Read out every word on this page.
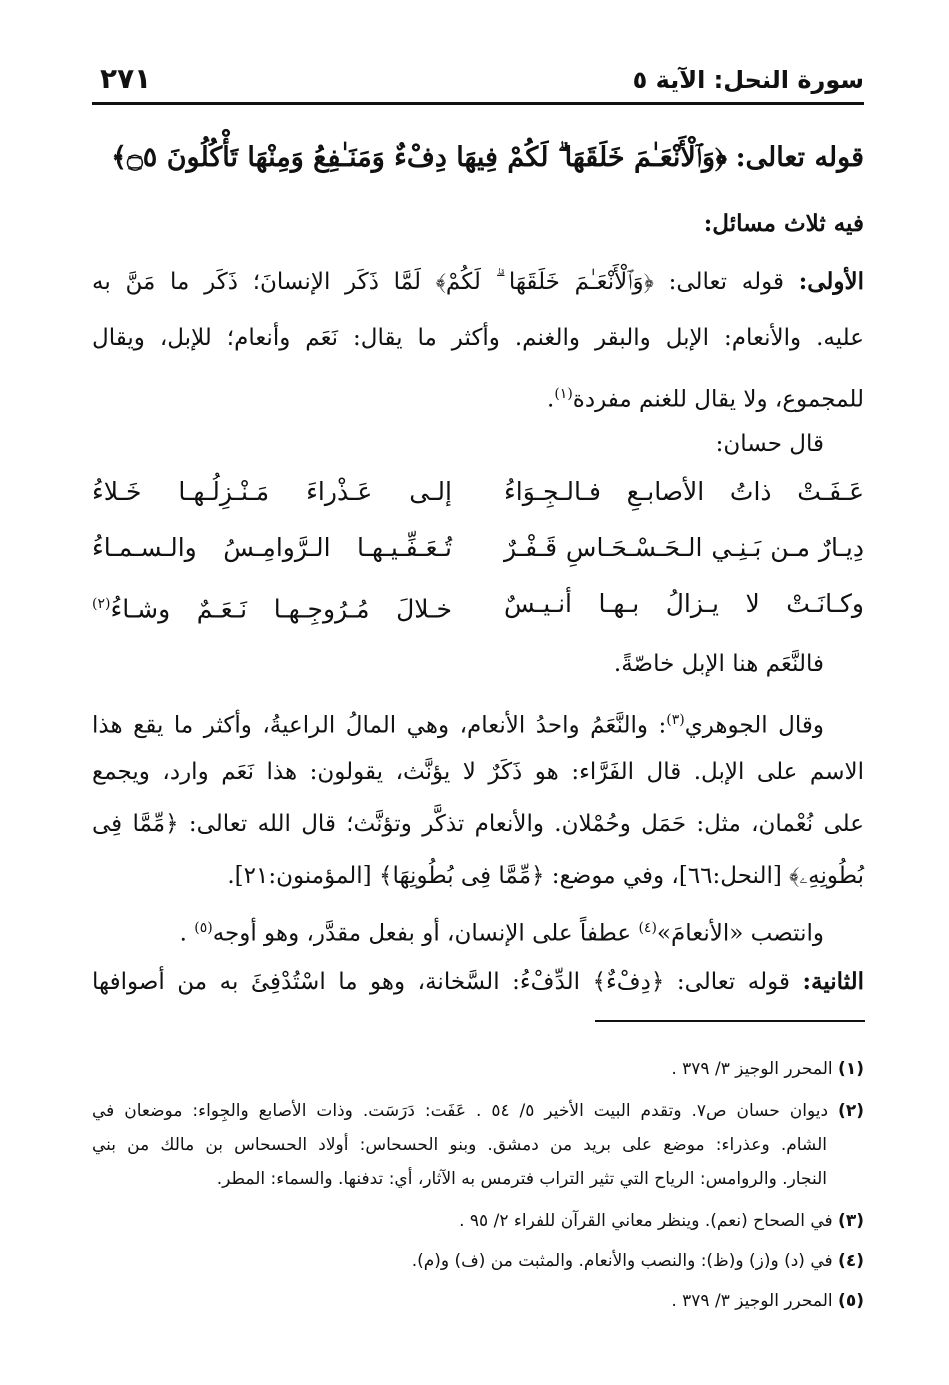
سورة النحل: الآية ٥
٢٧١
قوله تعالى: ﴿وَٱلْأَنْعَـٰمَ خَلَقَهَا ۗ لَكُمْ فِيهَا دِفْءٌ وَمَنَـٰفِعُ وَمِنْهَا تَأْكُلُونَ ۝٥﴾
فيه ثلاث مسائل:
الأولى: قوله تعالى: ﴿وَٱلْأَنْعَـٰمَ خَلَقَهَا ۗ لَكُمْ﴾ لَمَّا ذَكَر الإنسانَ؛ ذَكَر ما مَنَّ به
عليه. والأنعام: الإبل والبقر والغنم. وأكثر ما يقال: نَعَم وأنعام؛ للإبل، ويقال
للمجموع، ولا يقال للغنم مفردة$^{(١)}$.
قال حسان:
عَـفَـتْ ذاتُ الأصابـعِ فـالـجِـوَاءُ
إلـى عَـذْراءَ مَـنْـزِلُـهـا خَـلاءُ
دِيـارٌ مـن بَـنِـي الـحَـسْـحَـاسِ قَـفْـرٌ
تُـعَـفِّـيـهـا الـرَّوامِـسُ والـسـمـاءُ
وكـانَـتْ لا يـزالُ بـهـا أنـيـسٌ
خـلالَ مُـرُوجِـهـا نَـعَـمٌ وشـاءُ$^{(٢)}$
فالنَّعَم هنا الإبل خاصّةً.
وقال الجوهري$^{(٣)}$: والنَّعَمُ واحدُ الأنعام، وهي المالُ الراعيةُ، وأكثر ما يقع هذا
الاسم على الإبل. قال الفَرَّاء: هو ذَكَرٌ لا يؤنَّث، يقولون: هذا نَعَم وارد، ويجمع
على نُعْمان، مثل: حَمَل وحُمْلان. والأنعام تذكَّر وتؤنَّث؛ قال الله تعالى: ﴿مِّمَّا فِى
بُطُونِهِۦ﴾ [النحل:٦٦]، وفي موضع: ﴿مِّمَّا فِى بُطُونِهَا﴾ [المؤمنون:٢١].
وانتصب «الأنعامَ»$^{(٤)}$ عطفاً على الإنسان، أو بفعل مقدَّر، وهو أوجه$^{(٥)}$ .
الثانية: قوله تعالى: ﴿دِفْءٌ﴾ الدِّفْءُ: السَّخانة، وهو ما اسْتُدْفِئَ به من أصوافها
(١) المحرر الوجيز ٣/ ٣٧٩ .
(٢) ديوان حسان ص٧. وتقدم البيت الأخير ٥/ ٥٤ . عَفَت: دَرَسَت. وذات الأصابع والجِواء: موضعان في
الشام. وعذراء: موضع على بريد من دمشق. وبنو الحسحاس: أولاد الحسحاس بن مالك من بني
النجار. والروامس: الرياح التي تثير التراب فترمس به الآثار، أي: تدفنها. والسماء: المطر.
(٣) في الصحاح (نعم). وينظر معاني القرآن للفراء ٢/ ٩٥ .
(٤) في (د) و(ز) و(ظ): والنصب والأنعام. والمثبت من (ف) و(م).
(٥) المحرر الوجيز ٣/ ٣٧٩ .
